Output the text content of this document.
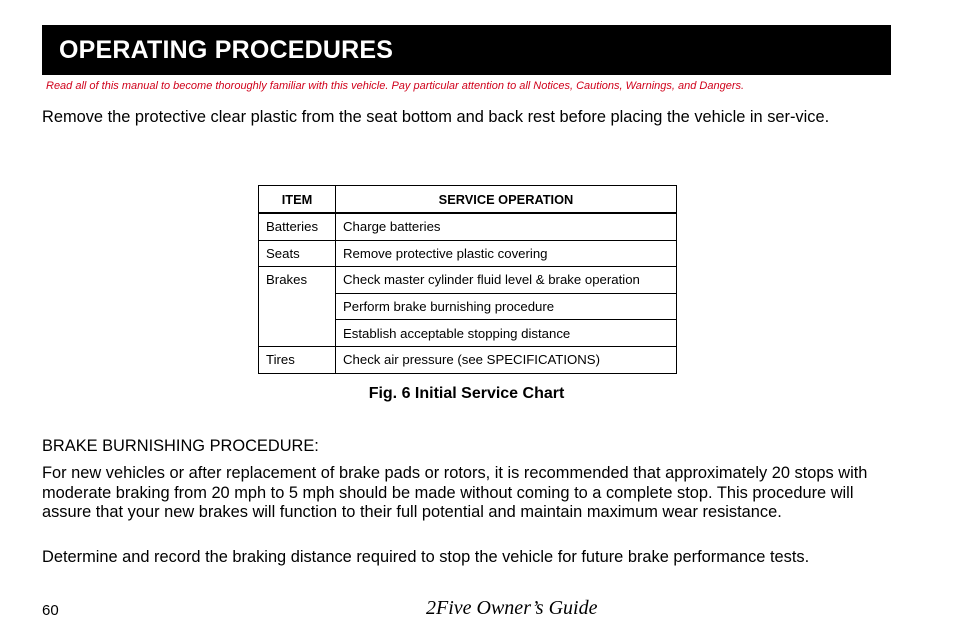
OPERATING PROCEDURES
Read all of this manual to become thoroughly familiar with this vehicle. Pay particular attention to all Notices, Cautions, Warnings, and Dangers.

Remove the protective clear plastic from the seat bottom and back rest before placing the vehicle in ser-vice.

ITEM	SERVICE OPERATION
Batteries	Charge batteries
Seats	Remove protective plastic covering
Brakes	Check master cylinder fluid level & brake operation
	Perform brake burnishing procedure
	Establish acceptable stopping distance
Tires	Check air pressure (see SPECIFICATIONS)
Fig. 6 Initial Service Chart

BRAKE BURNISHING PROCEDURE:

For new vehicles or after replacement of brake pads or rotors, it is recommended that approximately 20 stops with moderate braking from 20 mph to 5 mph should be made without coming to a complete stop. This procedure will assure that your new brakes will function to their full potential and maintain maximum wear resistance.

Determine and record the braking distance required to stop the vehicle for future brake performance tests.

60	2Five Owner’s Guide
